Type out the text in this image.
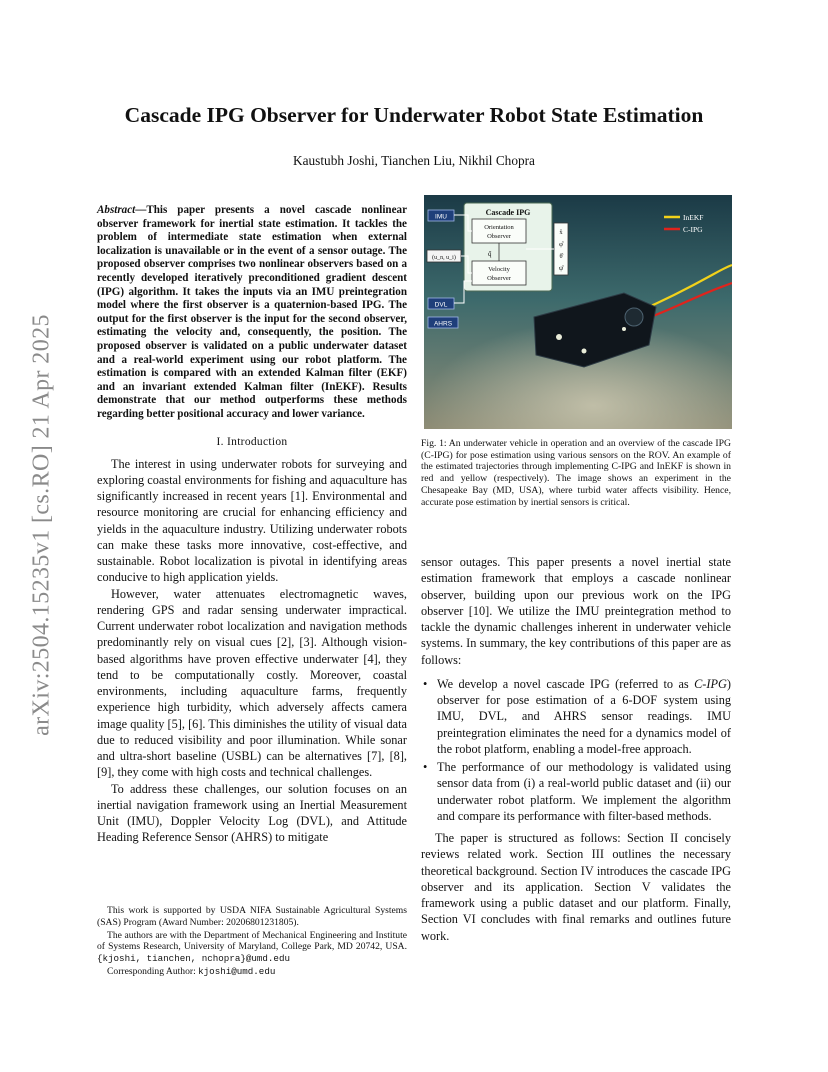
arXiv:2504.15235v1 [cs.RO] 21 Apr 2025
Cascade IPG Observer for Underwater Robot State Estimation
Kaustubh Joshi, Tianchen Liu, Nikhil Chopra

Abstract—This paper presents a novel cascade nonlinear observer framework for inertial state estimation. It tackles the problem of intermediate state estimation when external localization is unavailable or in the event of a sensor outage. The proposed observer comprises two nonlinear observers based on a recently developed iteratively preconditioned gradient descent (IPG) algorithm. It takes the inputs via an IMU preintegration model where the first observer is a quaternion-based IPG. The output for the first observer is the input for the second observer, estimating the velocity and, consequently, the position. The proposed observer is validated on a public underwater dataset and a real-world experiment using our robot platform. The estimation is compared with an extended Kalman filter (EKF) and an invariant extended Kalman filter (InEKF). Results demonstrate that our method outperforms these methods regarding better positional accuracy and lower variance.

I. Introduction

The interest in using underwater robots for surveying and exploring coastal environments for fishing and aquaculture has significantly increased in recent years [1]. Environmental and resource monitoring are crucial for enhancing efficiency and yields in the aquaculture industry. Utilizing underwater robots can make these tasks more innovative, cost-effective, and sustainable. Robot localization is pivotal in identifying areas conducive to high application yields.

However, water attenuates electromagnetic waves, rendering GPS and radar sensing underwater impractical. Current underwater robot localization and navigation methods predominantly rely on visual cues [2], [3]. Although vision-based algorithms have proven effective underwater [4], they tend to be computationally costly. Moreover, coastal environments, including aquaculture farms, frequently experience high turbidity, which adversely affects camera image quality [5], [6]. This diminishes the utility of visual data due to reduced visibility and poor illumination. While sonar and ultra-short baseline (USBL) can be alternatives [7], [8], [9], they come with high costs and technical challenges.

To address these challenges, our solution focuses on an inertial navigation framework using an Inertial Measurement Unit (IMU), Doppler Velocity Log (DVL), and Attitude Heading Reference Sensor (AHRS) to mitigate

This work is supported by USDA NIFA Sustainable Agricultural Systems (SAS) Program (Award Number: 20206801231805).

The authors are with the Department of Mechanical Engineering and Institute of Systems Research, University of Maryland, College Park, MD 20742, USA. {kjoshi, tianchen, nchopra}@umd.edu

Corresponding Author: kjoshi@umd.edu

Cascade IPG
Orientation
Observer
q̂
Velocity
Observer
x̂
φ̂
θ̂
ψ̂
IMU
(u_n, u_i)
DVL
AHRS
InEKF
C-IPG

Fig. 1: An underwater vehicle in operation and an overview of the cascade IPG (C-IPG) for pose estimation using various sensors on the ROV. An example of the estimated trajectories through implementing C-IPG and InEKF is shown in red and yellow (respectively). The image shows an experiment in the Chesapeake Bay (MD, USA), where turbid water affects visibility. Hence, accurate pose estimation by inertial sensors is critical.

sensor outages. This paper presents a novel inertial state estimation framework that employs a cascade nonlinear observer, building upon our previous work on the IPG observer [10]. We utilize the IMU preintegration method to tackle the dynamic challenges inherent in underwater vehicle systems. In summary, the key contributions of this paper are as follows:

• We develop a novel cascade IPG (referred to as C-IPG) observer for pose estimation of a 6-DOF system using IMU, DVL, and AHRS sensor readings. IMU preintegration eliminates the need for a dynamics model of the robot platform, enabling a model-free approach.
• The performance of our methodology is validated using sensor data from (i) a real-world public dataset and (ii) our underwater robot platform. We implement the algorithm and compare its performance with filter-based methods.

The paper is structured as follows: Section II concisely reviews related work. Section III outlines the necessary theoretical background. Section IV introduces the cascade IPG observer and its application. Section V validates the framework using a public dataset and our platform. Finally, Section VI concludes with final remarks and outlines future work.
